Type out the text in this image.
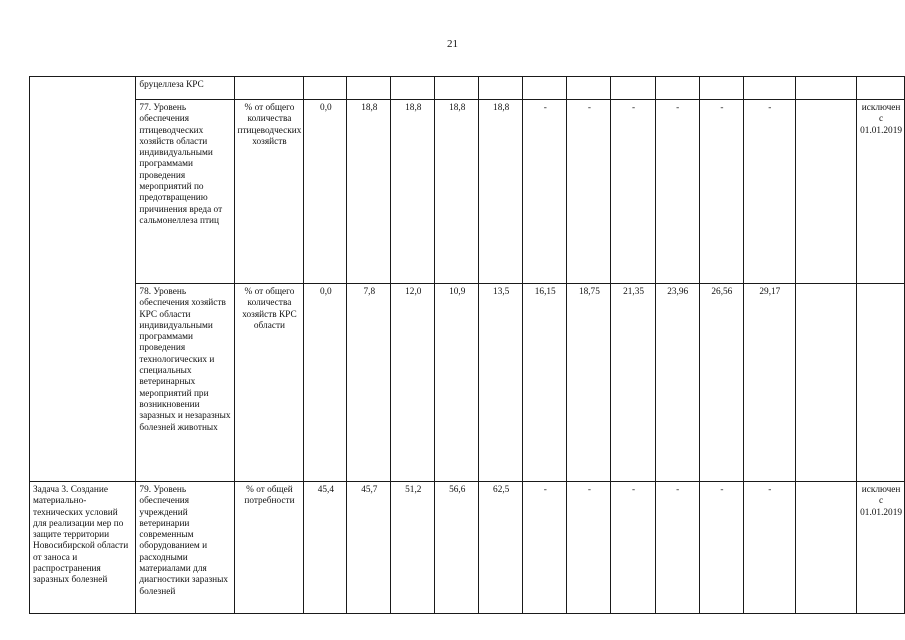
21
	бруцеллеза КРС														
	77. Уровень обеспечения птицеводческих хозяйств области индивидуальными программами проведения мероприятий по предотвращению причинения вреда от сальмонеллеза птиц	% от общего количества птицеводческих хозяйств	0,0	18,8	18,8	18,8	18,8	-	-	-	-	-	-		исключен с 01.01.2019
	78. Уровень обеспечения хозяйств КРС области индивидуальными программами проведения технологических и специальных ветеринарных мероприятий при возникновении заразных и незаразных болезней животных	% от общего количества хозяйств КРС области	0,0	7,8	12,0	10,9	13,5	16,15	18,75	21,35	23,96	26,56	29,17		
Задача 3. Создание материально-технических условий для реализации мер по защите территории Новосибирской области от заноса и распространения заразных болезней	79. Уровень обеспечения учреждений ветеринарии современным оборудованием и расходными материалами для диагностики заразных болезней	% от общей потребности	45,4	45,7	51,2	56,6	62,5	-	-	-	-	-	-		исключен с 01.01.2019
